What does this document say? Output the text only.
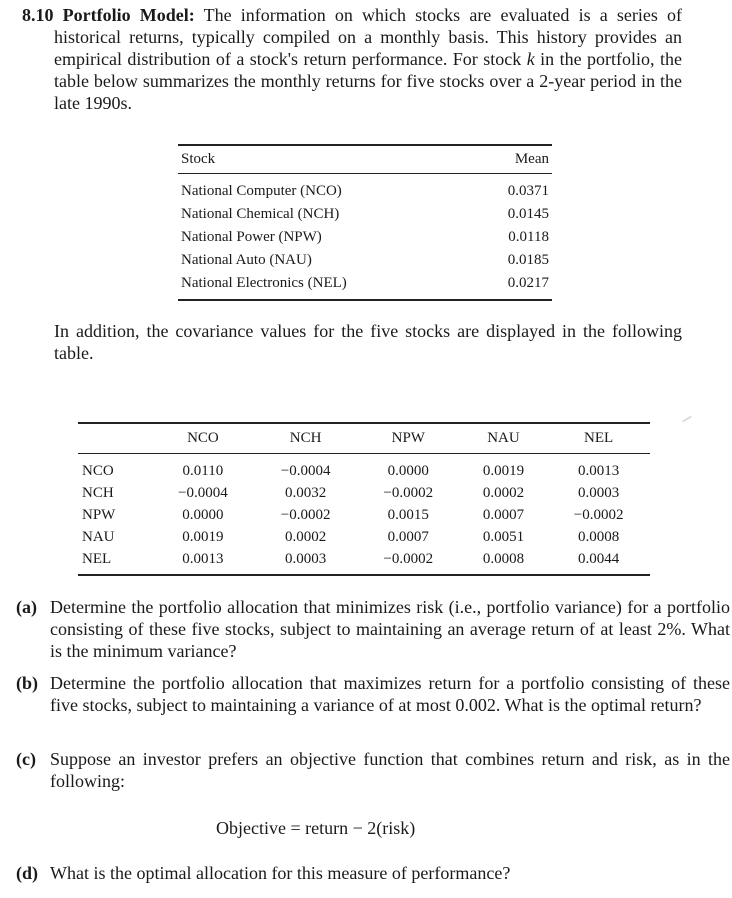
8.10 Portfolio Model: The information on which stocks are evaluated is a series of historical returns, typically compiled on a monthly basis. This history provides an empirical distribution of a stock's return performance. For stock k in the portfolio, the table below summarizes the monthly returns for five stocks over a 2-year period in the late 1990s.
Stock	Mean
National Computer (NCO)	0.0371
National Chemical (NCH)	0.0145
National Power (NPW)	0.0118
National Auto (NAU)	0.0185
National Electronics (NEL)	0.0217
In addition, the covariance values for the five stocks are displayed in the following table.
	NCO	NCH	NPW	NAU	NEL
NCO	0.0110	−0.0004	0.0000	0.0019	0.0013
NCH	−0.0004	0.0032	−0.0002	0.0002	0.0003
NPW	0.0000	−0.0002	0.0015	0.0007	−0.0002
NAU	0.0019	0.0002	0.0007	0.0051	0.0008
NEL	0.0013	0.0003	−0.0002	0.0008	0.0044
(a) Determine the portfolio allocation that minimizes risk (i.e., portfolio variance) for a portfolio consisting of these five stocks, subject to maintaining an average return of at least 2%. What is the minimum variance?
(b) Determine the portfolio allocation that maximizes return for a portfolio consisting of these five stocks, subject to maintaining a variance of at most 0.002. What is the optimal return?
(c) Suppose an investor prefers an objective function that combines return and risk, as in the following:
Objective = return − 2(risk)
(d) What is the optimal allocation for this measure of performance?
